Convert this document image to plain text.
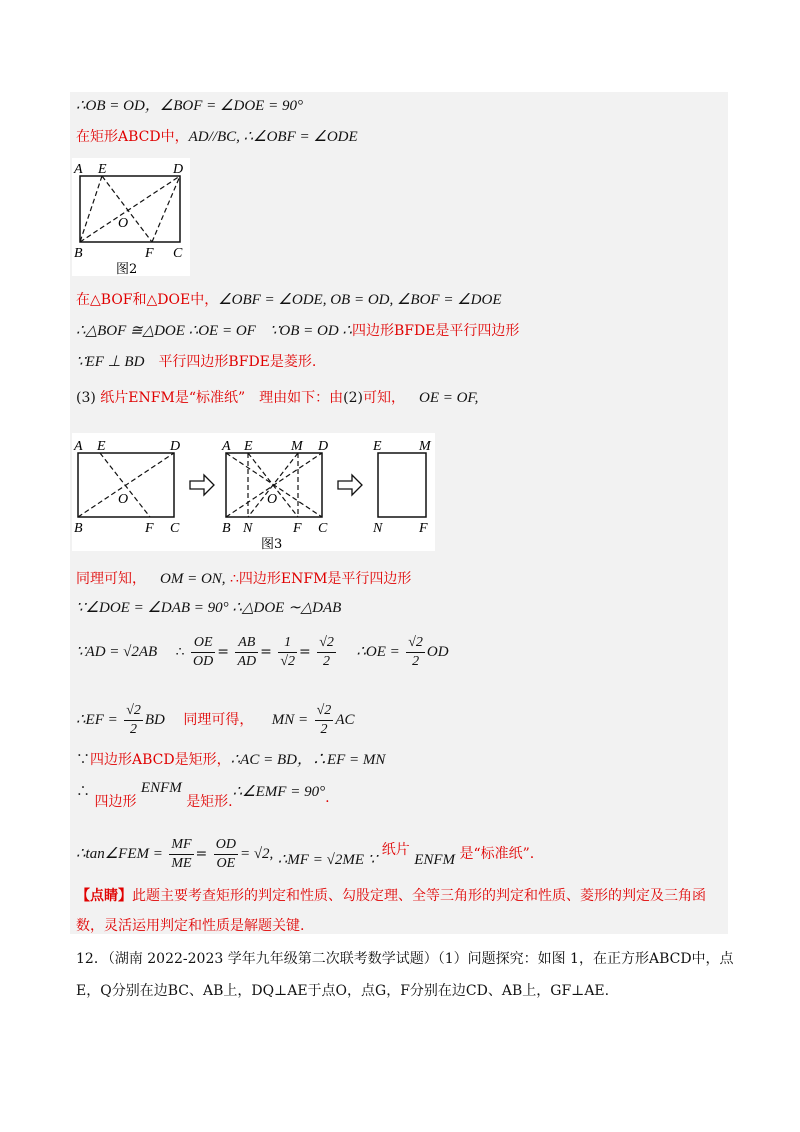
∴OB = OD，∠BOF = ∠DOE = 90°
在矩形ABCD中，AD//BC, ∴∠OBF = ∠ODE
A E	D
O
B	F C
图2
在△BOF和△DOE中，∠OBF = ∠ODE, OB = OD, ∠BOF = ∠DOE
∴△BOF ≅△DOE ∴OE = OF ∵OB = OD ∴四边形BFDE是平行四边形
∵EF ⊥ BD 平行四边形BFDE是菱形.
(3) 纸片ENFM是“标准纸” 理由如下：由(2)可知， OE = OF,
A E	D
O
B	F C
A E	M D
O
B N	F C
E	M
N	F
图3
同理可知， OM = ON, ∴四边形ENFM是平行四边形
∵∠DOE = ∠DAB = 90° ∴△DOE ∼△DAB
∵AD = √2AB ∴ $\frac{OE}{OD} = \frac{AB}{AD} = \frac{1}{√2} = \frac{√2}{2}$ ∴OE = $\frac{√2}{2}$ OD
∴EF = $\frac{√2}{2}$ BD 同理可得， MN = $\frac{√2}{2}$ AC
∵四边形ABCD是矩形，∴AC = BD，∴EF = MN
∴ 四边形 ENFM 是矩形.∴∠EMF = 90°.
∴tan∠FEM = $\frac{MF}{ME} = \frac{OD}{OE} = √2$, ∴MF = √2ME ∵ 纸片 ENFM 是“标准纸”.
【点睛】此题主要考查矩形的判定和性质、勾股定理、全等三角形的判定和性质、菱形的判定及三角函
数，灵活运用判定和性质是解题关键.
12．（湖南 2022-2023 学年九年级第二次联考数学试题）（1）问题探究：如图 1，在正方形ABCD中，点
E，Q分别在边BC、AB上，DQ⊥AE于点O，点G，F分别在边CD、AB上，GF⊥AE.
